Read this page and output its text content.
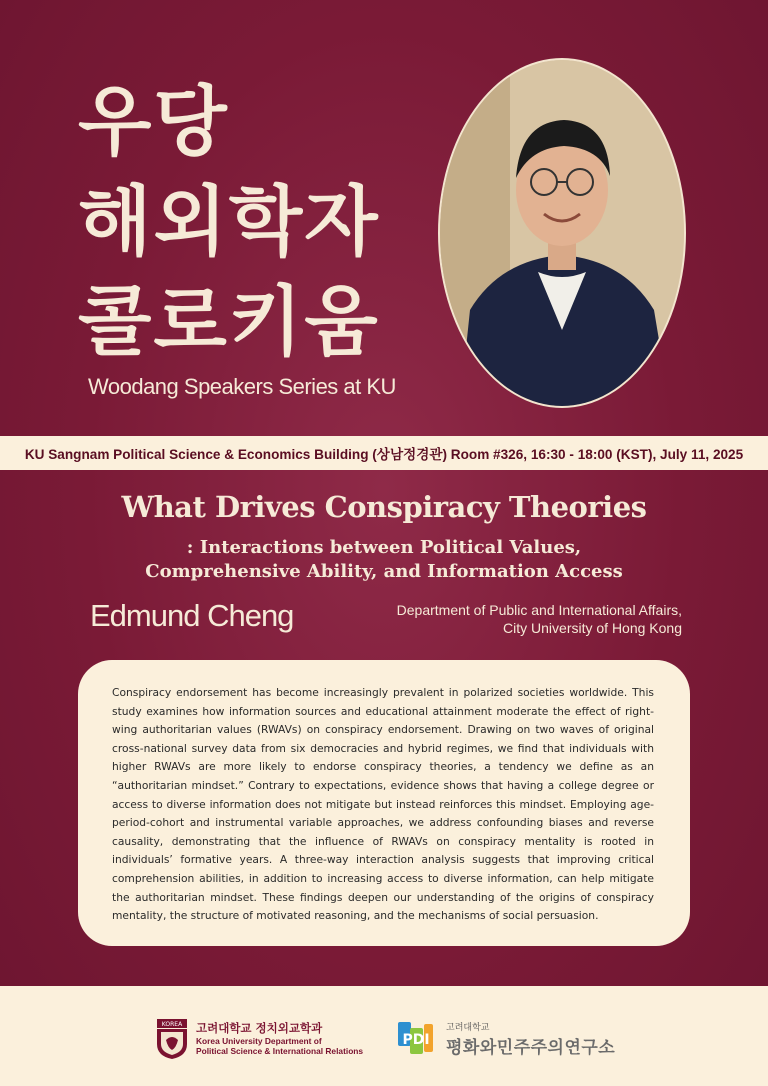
우당
해외학자
콜로키움
Woodang Speakers Series at KU
KU Sangnam Political Science & Economics Building (상남정경관) Room #326, 16:30 - 18:00 (KST), July 11, 2025
What Drives Conspiracy Theories
: Interactions between Political Values,
Comprehensive Ability, and Information Access
Edmund Cheng	Department of Public and International Affairs,
City University of Hong Kong
Conspiracy endorsement has become increasingly prevalent in polarized societies worldwide. This study examines how information sources and educational attainment moderate the effect of right-wing authoritarian values (RWAVs) on conspiracy endorsement. Drawing on two waves of original cross-national survey data from six democracies and hybrid regimes, we find that individuals with higher RWAVs are more likely to endorse conspiracy theories, a tendency we define as an “authoritarian mindset.” Contrary to expectations, evidence shows that having a college degree or access to diverse information does not mitigate but instead reinforces this mindset. Employing age-period-cohort and instrumental variable approaches, we address confounding biases and reverse causality, demonstrating that the influence of RWAVs on conspiracy mentality is rooted in individuals’ formative years. A three-way interaction analysis suggests that improving critical comprehension abilities, in addition to increasing access to diverse information, can help mitigate the authoritarian mindset. These findings deepen our understanding of the origins of conspiracy mentality, the structure of motivated reasoning, and the mechanisms of social persuasion.
KOREA 고려대학교 정치외교학과
Korea University Department of
Political Science & International Relations
PDI
고려대학교
평화와민주주의연구소
